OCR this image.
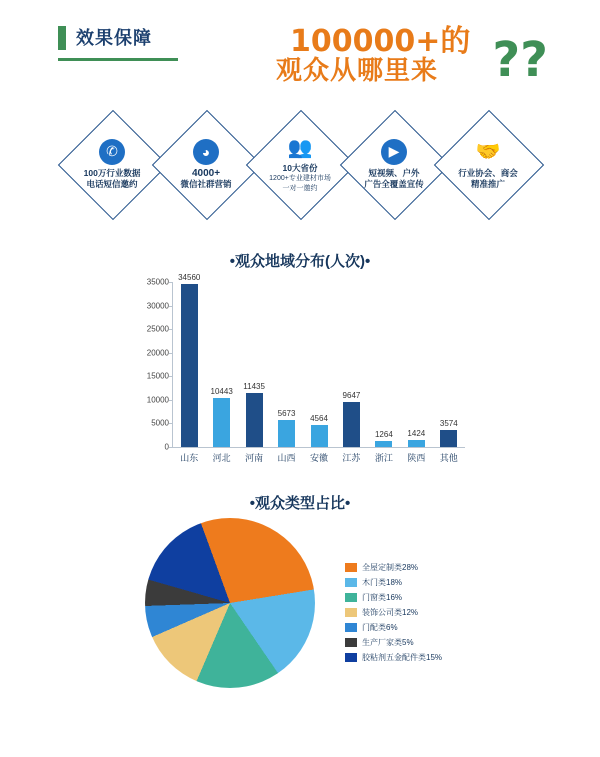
效果保障	100000+的
观众从哪里来 ??
✆
100万行业数据
电话短信邀约
◕
4000+
微信社群营销
👥
10大省份
1200+专业建材市场
一对一邀约
▶
短视频、户外
广告全覆盖宣传
🤝
行业协会、商会
精准推广
•观众地域分布(人次)•
0
5000
10000
15000
20000
25000
30000
35000 34560
山东
10443
河北
11435
河南
5673
山西
4564
安徽
9647
江苏
1264
浙江
1424
陕西
3574
其他
•观众类型占比•
全屋定制类28%
木门类18%
门窗类16%
装饰公司类12%
门配类6%
生产厂家类5%
胶粘剂五金配件类15%
